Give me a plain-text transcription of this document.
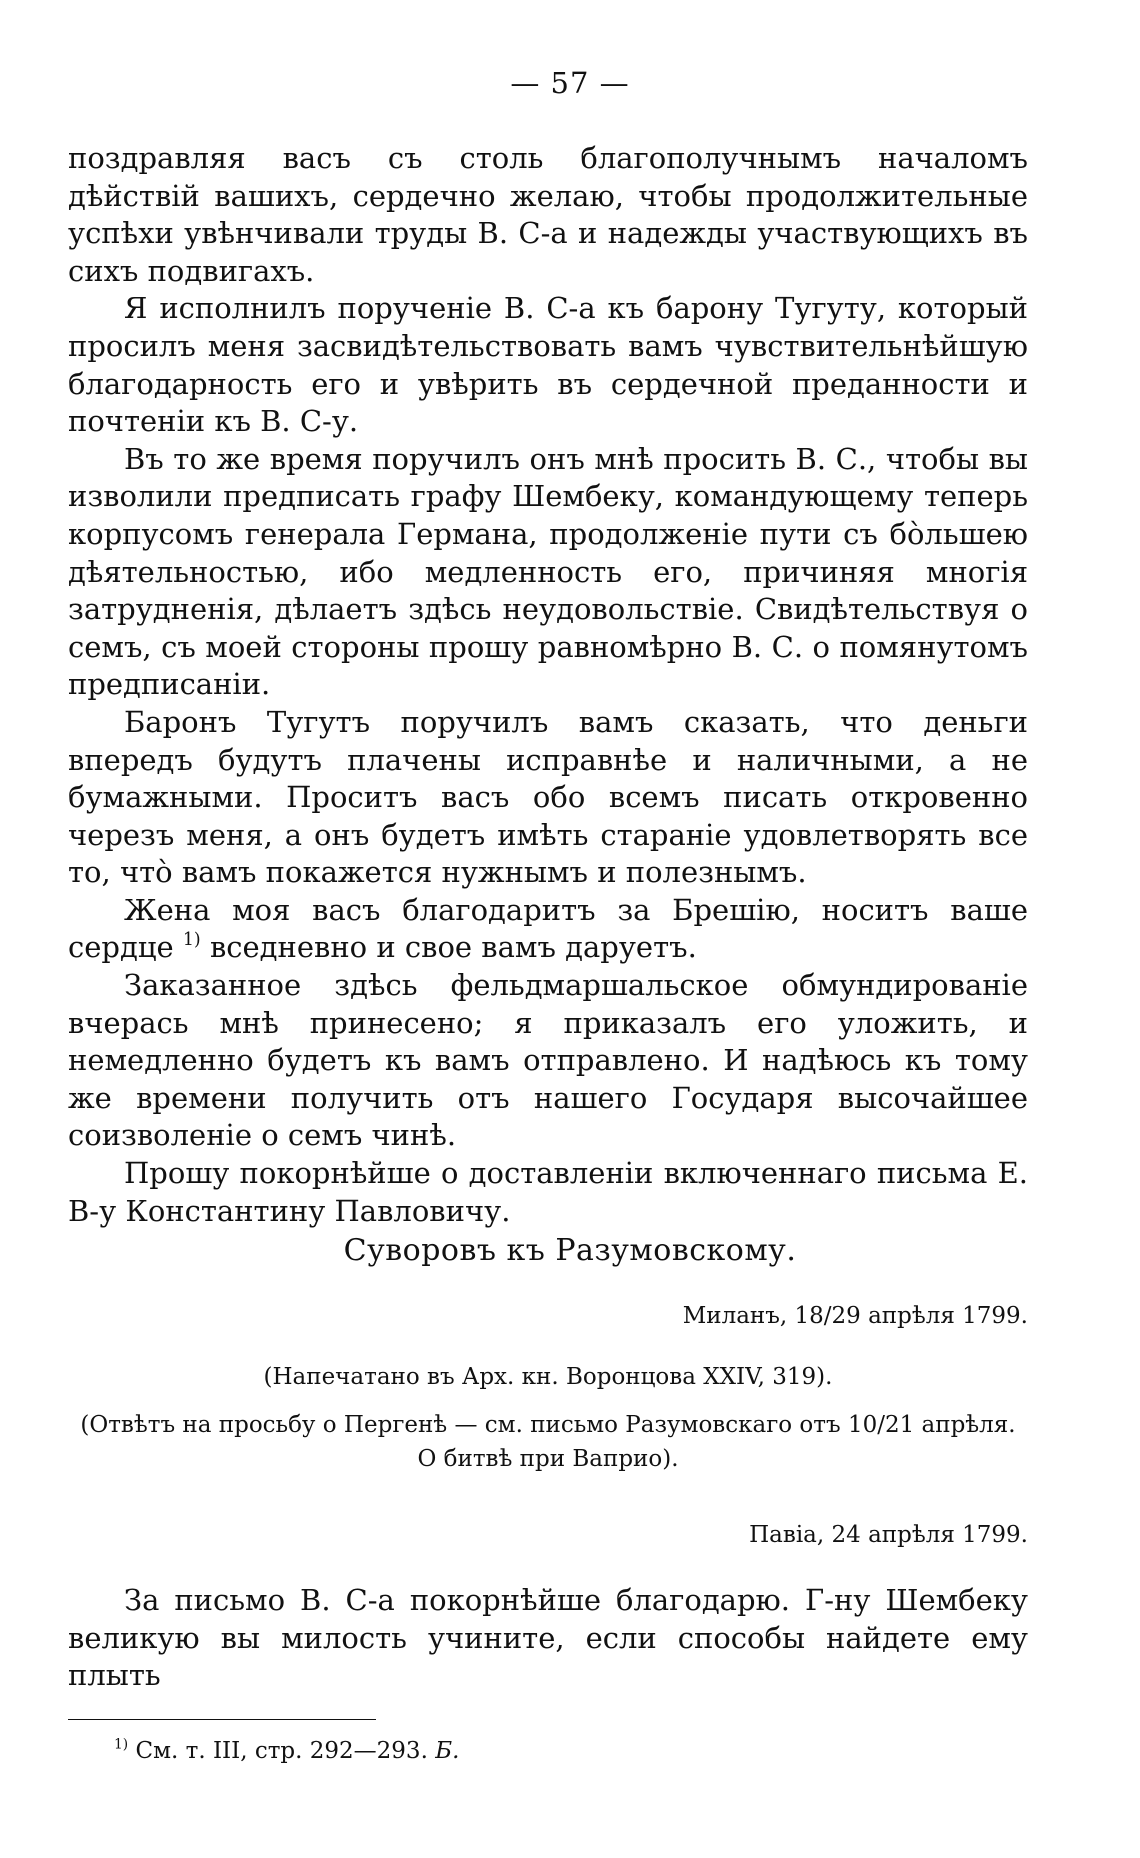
— 57 —

поздравляя васъ съ столь благополучнымъ началомъ дѣйствій вашихъ, сердечно желаю, чтобы продолжительные успѣхи увѣнчивали труды В. С-а и надежды участвующихъ въ сихъ подвигахъ.

Я исполнилъ порученіе В. С-а къ барону Тугуту, который просилъ меня засвидѣтельствовать вамъ чувствительнѣйшую благодарность его и увѣрить въ сердечной преданности и почтеніи къ В. С-у.

Въ то же время поручилъ онъ мнѣ просить В. С., чтобы вы изволили предписать графу Шембеку, командующему теперь корпусомъ генерала Германа, продолженіе пути съ бо̀льшею дѣятельностью, ибо медленность его, причиняя многія затрудненія, дѣлаетъ здѣсь неудовольствіе. Свидѣтельствуя о семъ, съ моей стороны прошу равномѣрно В. С. о помянутомъ предписаніи.

Баронъ Тугутъ поручилъ вамъ сказать, что деньги впередъ будутъ плачены исправнѣе и наличными, а не бумажными. Проситъ васъ обо всемъ писать откровенно черезъ меня, а онъ будетъ имѣть стараніе удовлетворять все то, что̀ вамъ покажется нужнымъ и полезнымъ.

Жена моя васъ благодаритъ за Брешію, носитъ ваше сердце $^{1)}$ вседневно и свое вамъ даруетъ.

Заказанное здѣсь фельдмаршальское обмундированіе вчерась мнѣ принесено; я приказалъ его уложить, и немедленно будетъ къ вамъ отправлено. И надѣюсь къ тому же времени получить отъ нашего Государя высочайшее соизволеніе о семъ чинѣ.

Прошу покорнѣйше о доставленіи включеннаго письма Е. В-у Константину Павловичу.

Суворовъ къ Разумовскому.
Миланъ, 18/29 апрѣля 1799.
(Напечатано въ Арх. кн. Воронцова XXIV, 319).
(Отвѣтъ на просьбу о Пергенѣ — см. письмо Разумовскаго отъ 10/21 апрѣля. О битвѣ при Ваприо).
Павіа, 24 апрѣля 1799.

За письмо В. С-а покорнѣйше благодарю. Г-ну Шембеку великую вы милость учините, если способы найдете ему плыть

$^{1)}$ См. т. III, стр. 292—293. Б.
